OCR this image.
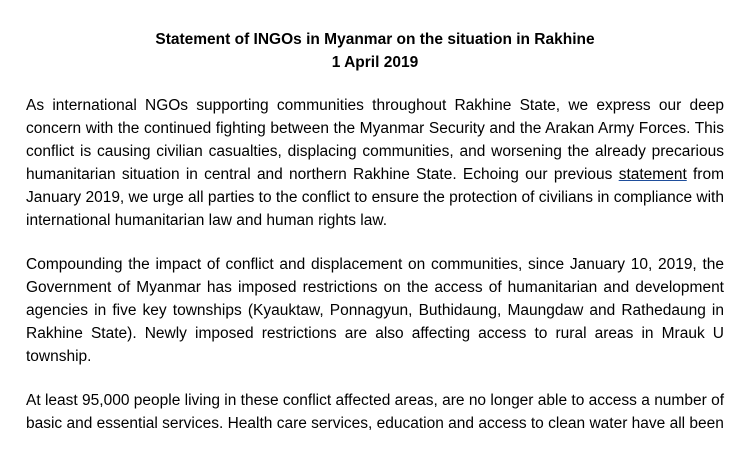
Statement of INGOs in Myanmar on the situation in Rakhine

1 April 2019

As international NGOs supporting communities throughout Rakhine State, we express our deep concern with the continued fighting between the Myanmar Security and the Arakan Army Forces. This conflict is causing civilian casualties, displacing communities, and worsening the already precarious humanitarian situation in central and northern Rakhine State. Echoing our previous statement from January 2019, we urge all parties to the conflict to ensure the protection of civilians in compliance with international humanitarian law and human rights law.

Compounding the impact of conflict and displacement on communities, since January 10, 2019, the Government of Myanmar has imposed restrictions on the access of humanitarian and development agencies in five key townships (Kyauktaw, Ponnagyun, Buthidaung, Maungdaw and Rathedaung in Rakhine State). Newly imposed restrictions are also affecting access to rural areas in Mrauk U township.

At least 95,000 people living in these conflict affected areas, are no longer able to access a number of basic and essential services. Health care services, education and access to clean water have all been
